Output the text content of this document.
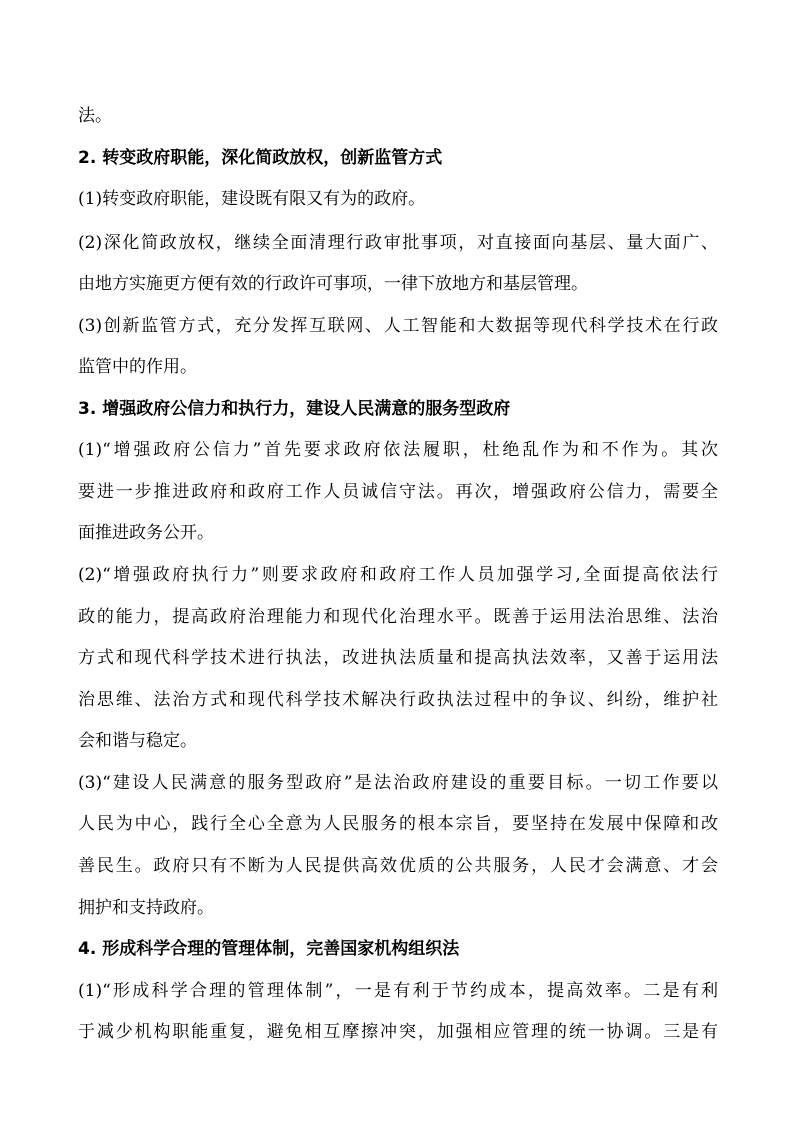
法。
2. 转变政府职能，深化简政放权，创新监管方式
(1)转变政府职能，建设既有限又有为的政府。
(2)深化简政放权，继续全面清理行政审批事项，对直接面向基层、量大面广、
由地方实施更方便有效的行政许可事项，一律下放地方和基层管理。
(3)创新监管方式，充分发挥互联网、人工智能和大数据等现代科学技术在行政
监管中的作用。
3. 增强政府公信力和执行力，建设人民满意的服务型政府
(1)“增强政府公信力”首先要求政府依法履职，杜绝乱作为和不作为。其次
要进一步推进政府和政府工作人员诚信守法。再次，增强政府公信力，需要全
面推进政务公开。
(2)“增强政府执行力”则要求政府和政府工作人员加强学习,全面提高依法行
政的能力，提高政府治理能力和现代化治理水平。既善于运用法治思维、法治
方式和现代科学技术进行执法，改进执法质量和提高执法效率，又善于运用法
治思维、法治方式和现代科学技术解决行政执法过程中的争议、纠纷，维护社
会和谐与稳定。
(3)“建设人民满意的服务型政府”是法治政府建设的重要目标。一切工作要以
人民为中心，践行全心全意为人民服务的根本宗旨，要坚持在发展中保障和改
善民生。政府只有不断为人民提供高效优质的公共服务，人民才会满意、才会
拥护和支持政府。
4. 形成科学合理的管理体制，完善国家机构组织法
(1)“形成科学合理的管理体制”，一是有利于节约成本，提高效率。二是有利
于减少机构职能重复，避免相互摩擦冲突，加强相应管理的统一协调。三是有
